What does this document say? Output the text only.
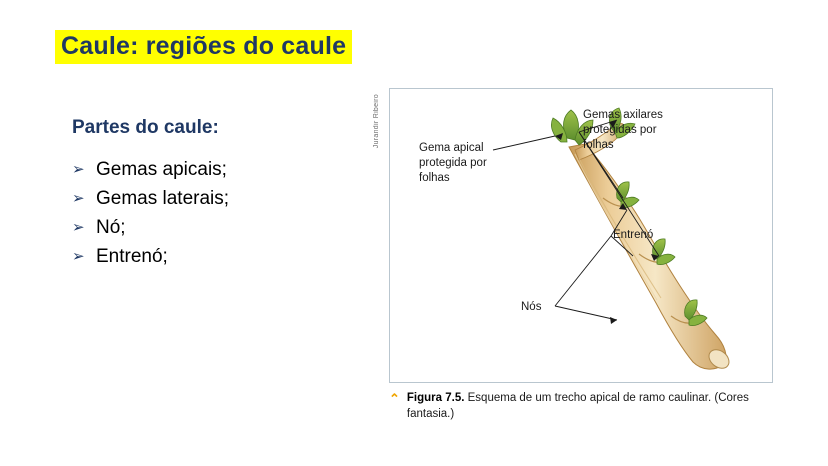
Caule: regiões do caule
Partes do caule:
➢ Gemas apicais;
➢ Gemas laterais;
➢ Nó;
➢ Entrenó;
Jurandir Ribeiro	Gema apical protegida por folhas
Gemas axilares protegidas por folhas
Entrenó
Nós
⌃ Figura 7.5. Esquema de um trecho apical de ramo caulinar. (Cores fantasia.)
